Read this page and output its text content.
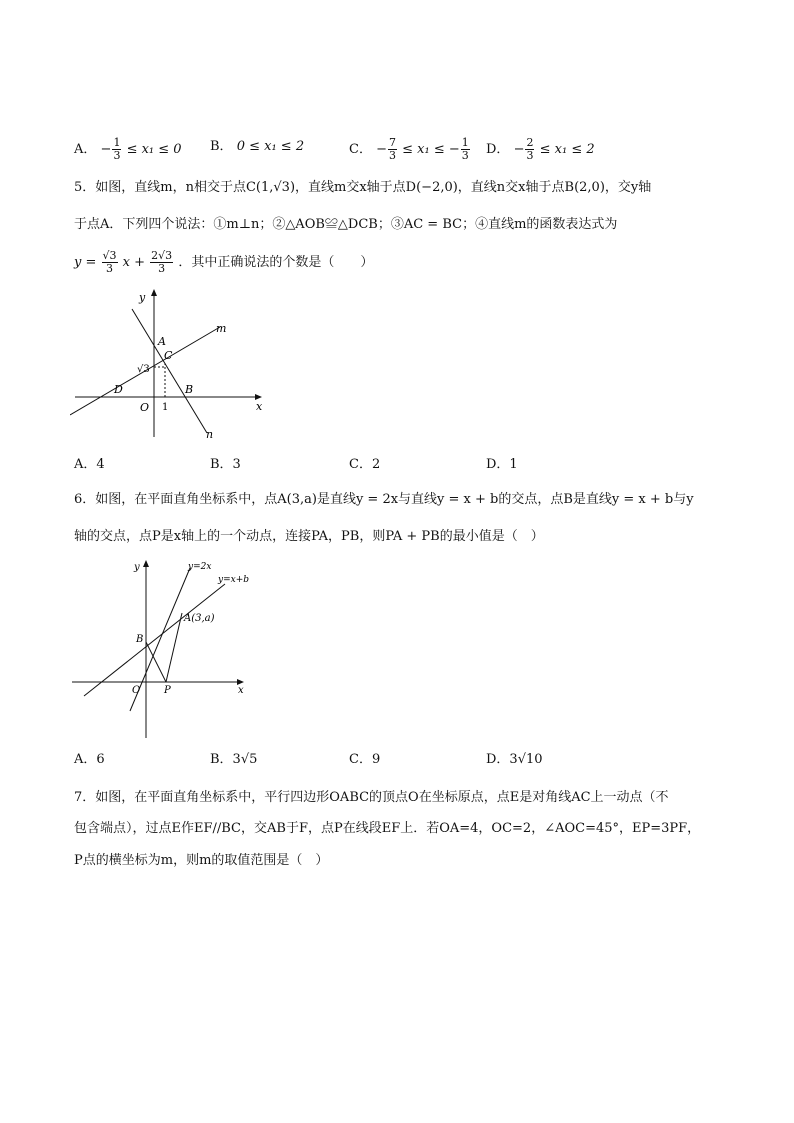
A． − $\frac{1}{3} \le x_1 \le 0$ B． 0 ≤ x₁ ≤ 2	C． − $\frac{7}{3} \le x_1$ ≤ − $\frac{1}{3}$ D． − $\frac{2}{3} \le x_1 \le 2$
5．如图，直线m，n相交于点C(1,√3)，直线m交x轴于点D(−2,0)，直线n交x轴于点B(2,0)，交y轴
于点A．下列四个说法：①m⊥n；②△AOB≌△DCB；③AC = BC；④直线m的函数表达式为
$y = \frac{√3}{3}$ $x + \frac{2√3}{3}$ ．其中正确说法的个数是（　　）
y
m
A
C
√3
D	B
O 1	x
n
A．4	B．3	C．2	D．1
6．如图，在平面直角坐标系中，点A(3,a)是直线y = 2x与直线y = x + b的交点，点B是直线y = x + b与y
轴的交点，点P是x轴上的一个动点，连接PA，PB，则PA + PB的最小值是（　）
y	y=2x
y=x+b
A(3,a)
B
O P	x
A．6	B．3√5	C．9	D．3√10
7．如图，在平面直角坐标系中，平行四边形OABC的顶点O在坐标原点，点E是对角线AC上一动点（不
包含端点），过点E作EF//BC，交AB于F，点P在线段EF上．若OA=4，OC=2，∠AOC=45°，EP=3PF，
P点的横坐标为m，则m的取值范围是（　）
